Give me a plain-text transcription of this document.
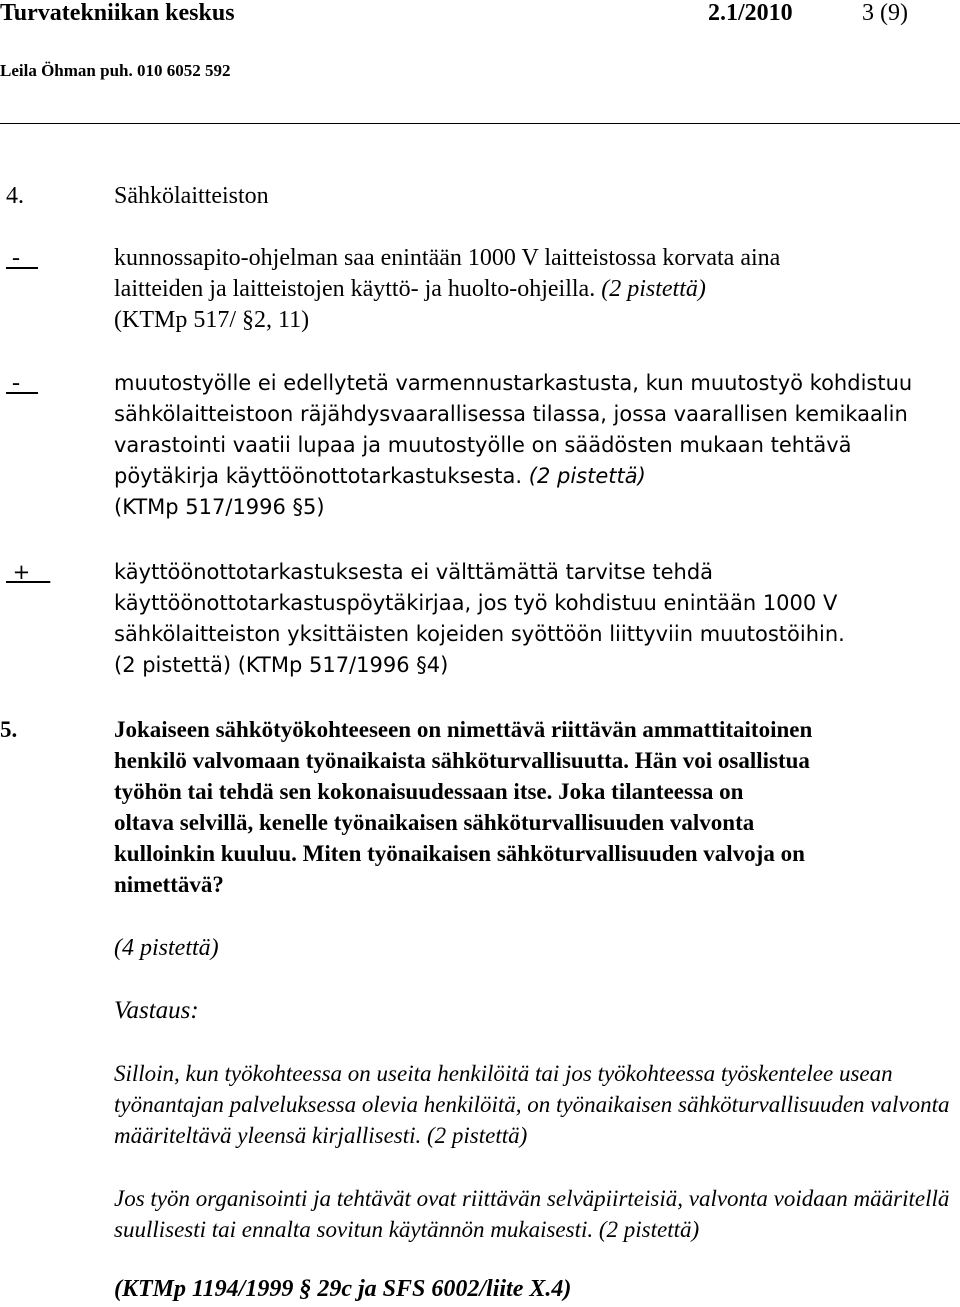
Turvatekniikan keskus	2.1/2010	3 (9)
Leila Öhman puh. 010 6052 592
4.	Sähkölaitteiston
-	kunnossapito-ohjelman saa enintään 1000 V laitteistossa korvata aina
laitteiden ja laitteistojen käyttö- ja huolto-ohjeilla. (2 pistettä)
(KTMp 517/ §2, 11)
-	muutostyölle ei edellytetä varmennustarkastusta, kun muutostyö kohdistuu
sähkölaitteistoon räjähdysvaarallisessa tilassa, jossa vaarallisen kemikaalin
varastointi vaatii lupaa ja muutostyölle on säädösten mukaan tehtävä
pöytäkirja käyttöönottotarkastuksesta. (2 pistettä)
(KTMp 517/1996 §5)
+	käyttöönottotarkastuksesta ei välttämättä tarvitse tehdä
käyttöönottotarkastuspöytäkirjaa, jos työ kohdistuu enintään 1000 V
sähkölaitteiston yksittäisten kojeiden syöttöön liittyviin muutostöihin.
(2 pistettä) (KTMp 517/1996 §4)
5.	Jokaiseen sähkötyökohteeseen on nimettävä riittävän ammattitaitoinen
henkilö valvomaan työnaikaista sähköturvallisuutta. Hän voi osallistua
työhön tai tehdä sen kokonaisuudessaan itse. Joka tilanteessa on
oltava selvillä, kenelle työnaikaisen sähköturvallisuuden valvonta
kulloinkin kuuluu. Miten työnaikaisen sähköturvallisuuden valvoja on
nimettävä?
(4 pistettä)
Vastaus:
Silloin, kun työkohteessa on useita henkilöitä tai jos työkohteessa työskentelee usean
työnantajan palveluksessa olevia henkilöitä, on työnaikaisen sähköturvallisuuden valvonta
määriteltävä yleensä kirjallisesti. (2 pistettä)
Jos työn organisointi ja tehtävät ovat riittävän selväpiirteisiä, valvonta voidaan määritellä
suullisesti tai ennalta sovitun käytännön mukaisesti. (2 pistettä)
(KTMp 1194/1999 § 29c ja SFS 6002/liite X.4)
